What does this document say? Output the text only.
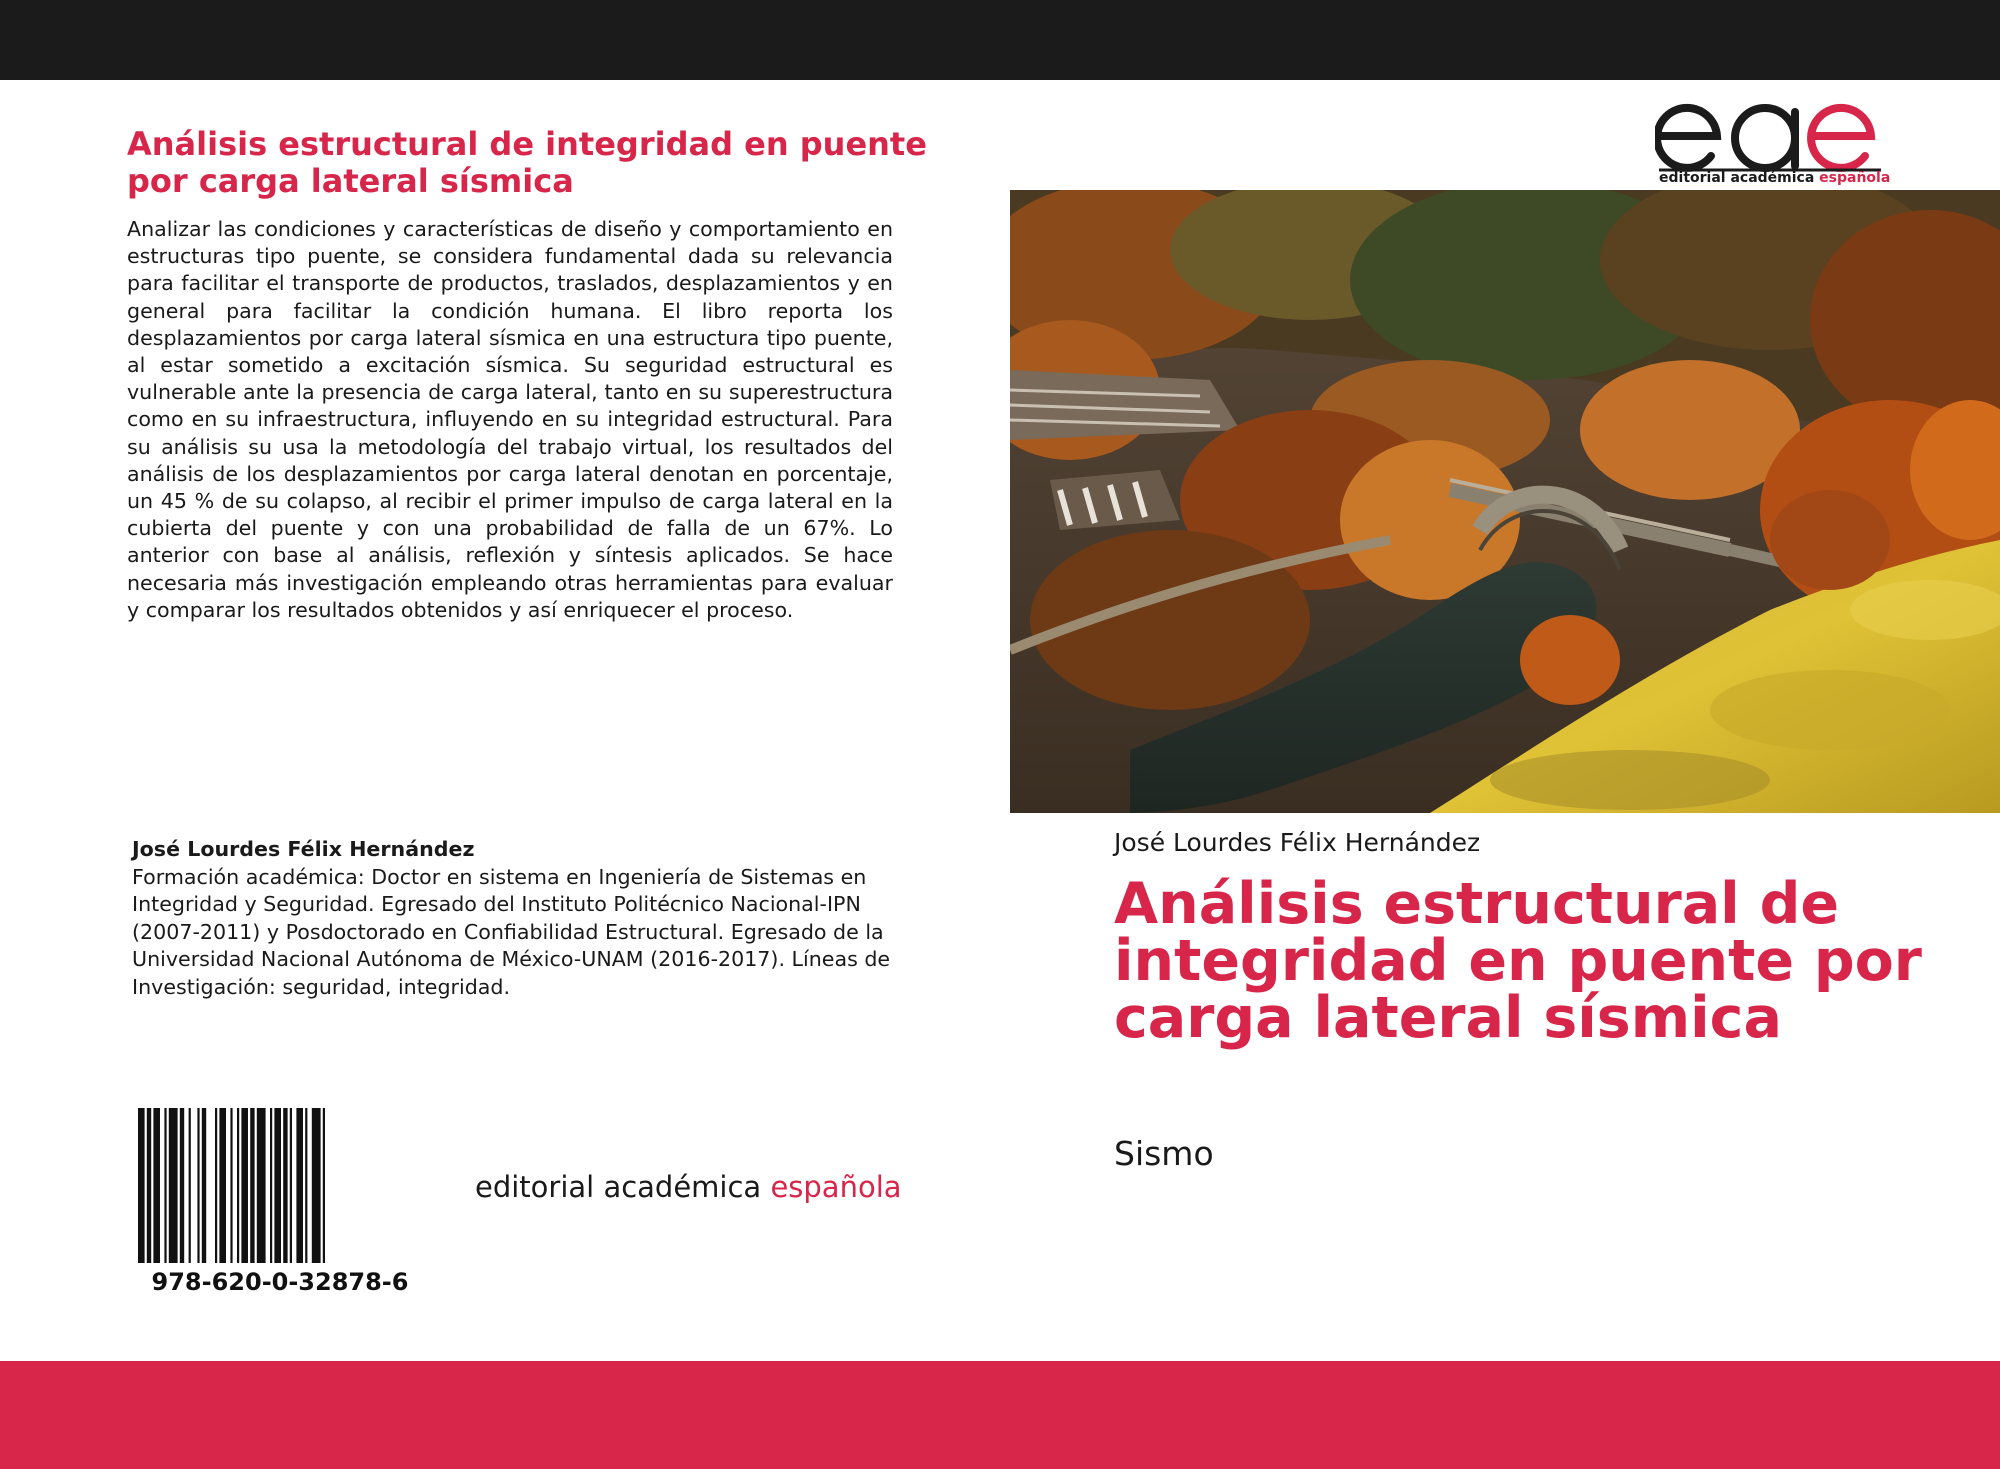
Análisis estructural de integridad en puente por carga lateral sísmica

Analizar las condiciones y características de diseño y comportamiento en estructuras tipo puente, se considera fundamental dada su relevancia para facilitar el transporte de productos, traslados, desplazamientos y en general para facilitar la condición humana. El libro reporta los desplazamientos por carga lateral sísmica en una estructura tipo puente, al estar sometido a excitación sísmica. Su seguridad estructural es vulnerable ante la presencia de carga lateral, tanto en su superestructura como en su infraestructura, influyendo en su integridad estructural. Para su análisis su usa la metodología del trabajo virtual, los resultados del análisis de los desplazamientos por carga lateral denotan en porcentaje, un 45 % de su colapso, al recibir el primer impulso de carga lateral en la cubierta del puente y con una probabilidad de falla de un 67%. Lo anterior con base al análisis, reflexión y síntesis aplicados. Se hace necesaria más investigación empleando otras herramientas para evaluar y comparar los resultados obtenidos y así enriquecer el proceso.

José Lourdes Félix Hernández
Formación académica: Doctor en sistema en Ingeniería de Sistemas en Integridad y Seguridad. Egresado del Instituto Politécnico Nacional-IPN (2007-2011) y Posdoctorado en Confiabilidad Estructural. Egresado de la Universidad Nacional Autónoma de México-UNAM (2016-2017). Líneas de Investigación: seguridad, integridad.
978-620-0-32878-6
editorial académica española
editorial académica española
José Lourdes Félix Hernández
Análisis estructural de integridad en puente por carga lateral sísmica
Sismo
